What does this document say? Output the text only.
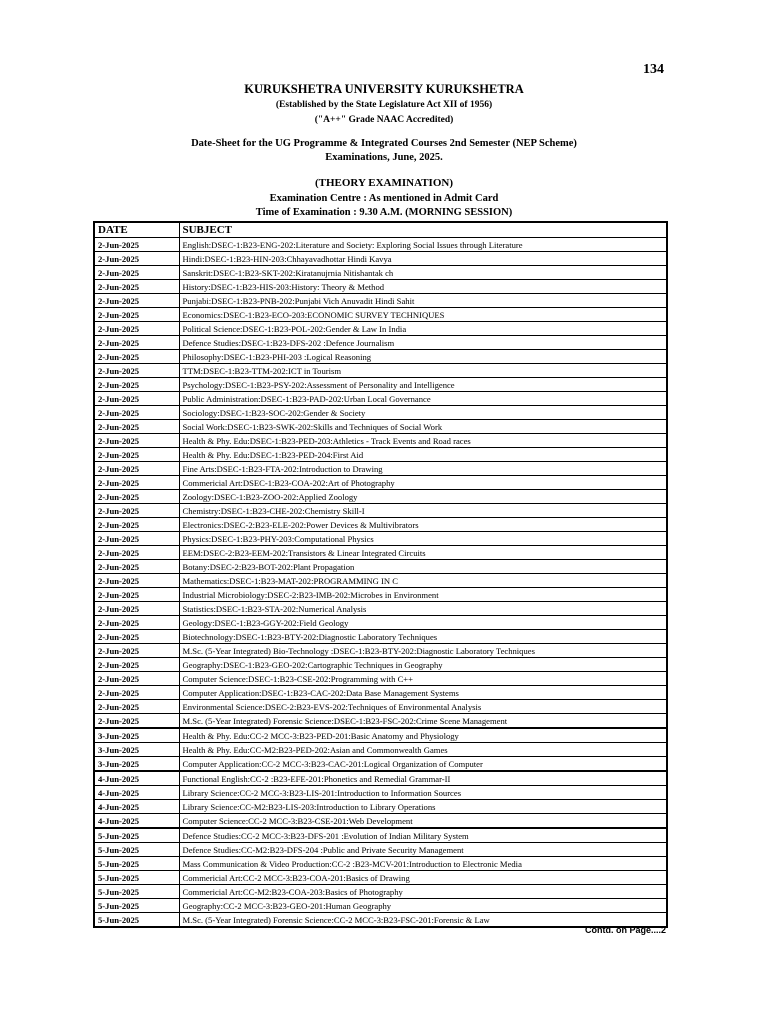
134
KURUKSHETRA UNIVERSITY KURUKSHETRA
(Established by the State Legislature Act XII of 1956)
("A++" Grade NAAC Accredited)
Date-Sheet for the UG Programme & Integrated Courses 2nd Semester (NEP Scheme)
Examinations, June, 2025.
(THEORY EXAMINATION)
Examination Centre : As mentioned in Admit Card
Time of Examination : 9.30 A.M. (MORNING SESSION)
DATE	SUBJECT
2-Jun-2025	English:DSEC-1:B23-ENG-202:Literature and Society: Exploring Social Issues through Literature
2-Jun-2025	Hindi:DSEC-1:B23-HIN-203:Chhayavadhottar Hindi Kavya
2-Jun-2025	Sanskrit:DSEC-1:B23-SKT-202:Kiratanujrnia Nitishantak ch
2-Jun-2025	History:DSEC-1:B23-HIS-203:History: Theory & Method
2-Jun-2025	Punjabi:DSEC-1:B23-PNB-202:Punjabi Vich Anuvadit Hindi Sahit
2-Jun-2025	Economics:DSEC-1:B23-ECO-203:ECONOMIC SURVEY TECHNIQUES
2-Jun-2025	Political Science:DSEC-1:B23-POL-202:Gender & Law In India
2-Jun-2025	Defence Studies:DSEC-1:B23-DFS-202 :Defence Journalism
2-Jun-2025	Philosophy:DSEC-1:B23-PHI-203 :Logical Reasoning
2-Jun-2025	TTM:DSEC-1:B23-TTM-202:ICT in Tourism
2-Jun-2025	Psychology:DSEC-1:B23-PSY-202:Assessment of Personality and Intelligence
2-Jun-2025	Public Administration:DSEC-1:B23-PAD-202:Urban Local Governance
2-Jun-2025	Sociology:DSEC-1:B23-SOC-202:Gender & Society
2-Jun-2025	Social Work:DSEC-1:B23-SWK-202:Skills and Techniques of Social Work
2-Jun-2025	Health & Phy. Edu:DSEC-1:B23-PED-203:Athletics - Track Events and Road races
2-Jun-2025	Health & Phy. Edu:DSEC-1:B23-PED-204:First Aid
2-Jun-2025	Fine Arts:DSEC-1:B23-FTA-202:Introduction to Drawing
2-Jun-2025	Commericial Art:DSEC-1:B23-COA-202:Art of Photography
2-Jun-2025	Zoology:DSEC-1:B23-ZOO-202:Applied Zoology
2-Jun-2025	Chemistry:DSEC-1:B23-CHE-202:Chemistry Skill-I
2-Jun-2025	Electronics:DSEC-2:B23-ELE-202:Power Devices & Multivibrators
2-Jun-2025	Physics:DSEC-1:B23-PHY-203:Computational Physics
2-Jun-2025	EEM:DSEC-2:B23-EEM-202:Transistors & Linear Integrated Circuits
2-Jun-2025	Botany:DSEC-2:B23-BOT-202:Plant Propagation
2-Jun-2025	Mathematics:DSEC-1:B23-MAT-202:PROGRAMMING IN C
2-Jun-2025	Industrial Microbiology:DSEC-2:B23-IMB-202:Microbes in Environment
2-Jun-2025	Statistics:DSEC-1:B23-STA-202:Numerical Analysis
2-Jun-2025	Geology:DSEC-1:B23-GGY-202:Field Geology
2-Jun-2025	Biotechnology:DSEC-1:B23-BTY-202:Diagnostic Laboratory Techniques
2-Jun-2025	M.Sc. (5-Year Integrated) Bio-Technology :DSEC-1:B23-BTY-202:Diagnostic Laboratory Techniques
2-Jun-2025	Geography:DSEC-1:B23-GEO-202:Cartographic Techniques in Geography
2-Jun-2025	Computer Science:DSEC-1:B23-CSE-202:Programming with C++
2-Jun-2025	Computer Application:DSEC-1:B23-CAC-202:Data Base Management Systems
2-Jun-2025	Environmental Science:DSEC-2:B23-EVS-202:Techniques of Environmental Analysis
2-Jun-2025	M.Sc. (5-Year Integrated) Forensic Science:DSEC-1:B23-FSC-202:Crime Scene Management
3-Jun-2025	Health & Phy. Edu:CC-2 MCC-3:B23-PED-201:Basic Anatomy and Physiology
3-Jun-2025	Health & Phy. Edu:CC-M2:B23-PED-202:Asian and Commonwealth Games
3-Jun-2025	Computer Application:CC-2 MCC-3:B23-CAC-201:Logical Organization of Computer
4-Jun-2025	Functional English:CC-2 :B23-EFE-201:Phonetics and Remedial Grammar-II
4-Jun-2025	Library Science:CC-2 MCC-3:B23-LIS-201:Introduction to Information Sources
4-Jun-2025	Library Science:CC-M2:B23-LIS-203:Introduction to Library Operations
4-Jun-2025	Computer Science:CC-2 MCC-3:B23-CSE-201:Web Development
5-Jun-2025	Defence Studies:CC-2 MCC-3:B23-DFS-201 :Evolution of Indian Military System
5-Jun-2025	Defence Studies:CC-M2:B23-DFS-204 :Public and Private Security Management
5-Jun-2025	Mass Communication & Video Production:CC-2 :B23-MCV-201:Introduction to Electronic Media
5-Jun-2025	Commericial Art:CC-2 MCC-3:B23-COA-201:Basics of Drawing
5-Jun-2025	Commericial Art:CC-M2:B23-COA-203:Basics of Photography
5-Jun-2025	Geography:CC-2 MCC-3:B23-GEO-201:Human Geography
5-Jun-2025	M.Sc. (5-Year Integrated) Forensic Science:CC-2 MCC-3:B23-FSC-201:Forensic & Law
Contd. on Page....2
